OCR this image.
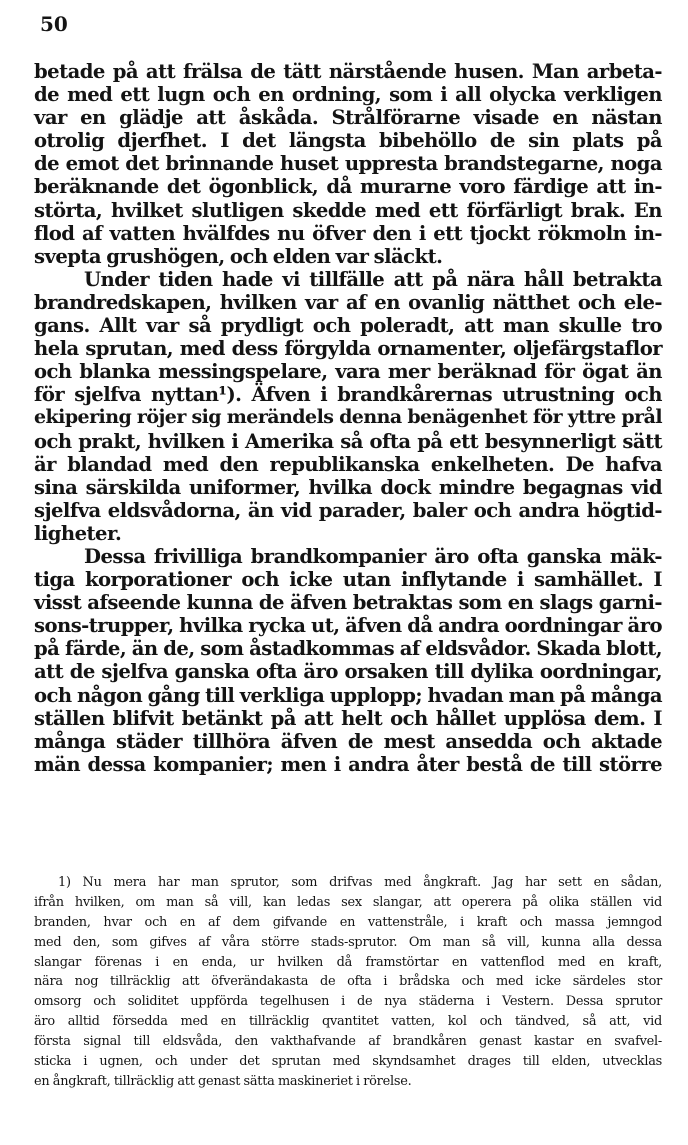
50
betade på att frälsa de tätt närstående husen. Man arbeta-
de med ett lugn och en ordning, som i all olycka verkligen
var en glädje att åskåda. Strålförarne visade en nästan
otrolig djerfhet. I det längsta bibehöllo de sin plats på
de emot det brinnande huset uppresta brandstegarne, noga
beräknande det ögonblick, då murarne voro färdige att in-
störta, hvilket slutligen skedde med ett förfärligt brak. En
flod af vatten hvälfdes nu öfver den i ett tjockt rökmoln in-
svepta grushögen, och elden var släckt.
Under tiden hade vi tillfälle att på nära håll betrakta
brandredskapen, hvilken var af en ovanlig nätthet och ele-
gans. Allt var så prydligt och poleradt, att man skulle tro
hela sprutan, med dess förgylda ornamenter, oljefärgstaflor
och blanka messingspelare, vara mer beräknad för ögat än
för sjelfva nyttan¹). Äfven i brandkårernas utrustning och
ekipering röjer sig merändels denna benägenhet för yttre prål
och prakt, hvilken i Amerika så ofta på ett besynnerligt sätt
är blandad med den republikanska enkelheten. De hafva
sina särskilda uniformer, hvilka dock mindre begagnas vid
sjelfva eldsvådorna, än vid parader, baler och andra högtid-
ligheter.
Dessa frivilliga brandkompanier äro ofta ganska mäk-
tiga korporationer och icke utan inflytande i samhället. I
visst afseende kunna de äfven betraktas som en slags garni-
sons-trupper, hvilka rycka ut, äfven då andra oordningar äro
på färde, än de, som åstadkommas af eldsvådor. Skada blott,
att de sjelfva ganska ofta äro orsaken till dylika oordningar,
och någon gång till verkliga upplopp; hvadan man på många
ställen blifvit betänkt på att helt och hållet upplösa dem. I
många städer tillhöra äfven de mest ansedda och aktade
män dessa kompanier; men i andra åter bestå de till större
1) Nu mera har man sprutor, som drifvas med ångkraft. Jag har sett en sådan,
ifrån hvilken, om man så vill, kan ledas sex slangar, att operera på olika ställen vid
branden, hvar och en af dem gifvande en vattenstråle, i kraft och massa jemngod
med den, som gifves af våra större stads-sprutor. Om man så vill, kunna alla dessa
slangar förenas i en enda, ur hvilken då framstörtar en vattenflod med en kraft,
nära nog tillräcklig att öfverändakasta de ofta i brådska och med icke särdeles stor
omsorg och soliditet uppförda tegelhusen i de nya städerna i Vestern. Dessa sprutor
äro alltid försedda med en tillräcklig qvantitet vatten, kol och tändved, så att, vid
första signal till eldsvåda, den vakthafvande af brandkåren genast kastar en svafvel-
sticka i ugnen, och under det sprutan med skyndsamhet drages till elden, utvecklas
en ångkraft, tillräcklig att genast sätta maskineriet i rörelse.
